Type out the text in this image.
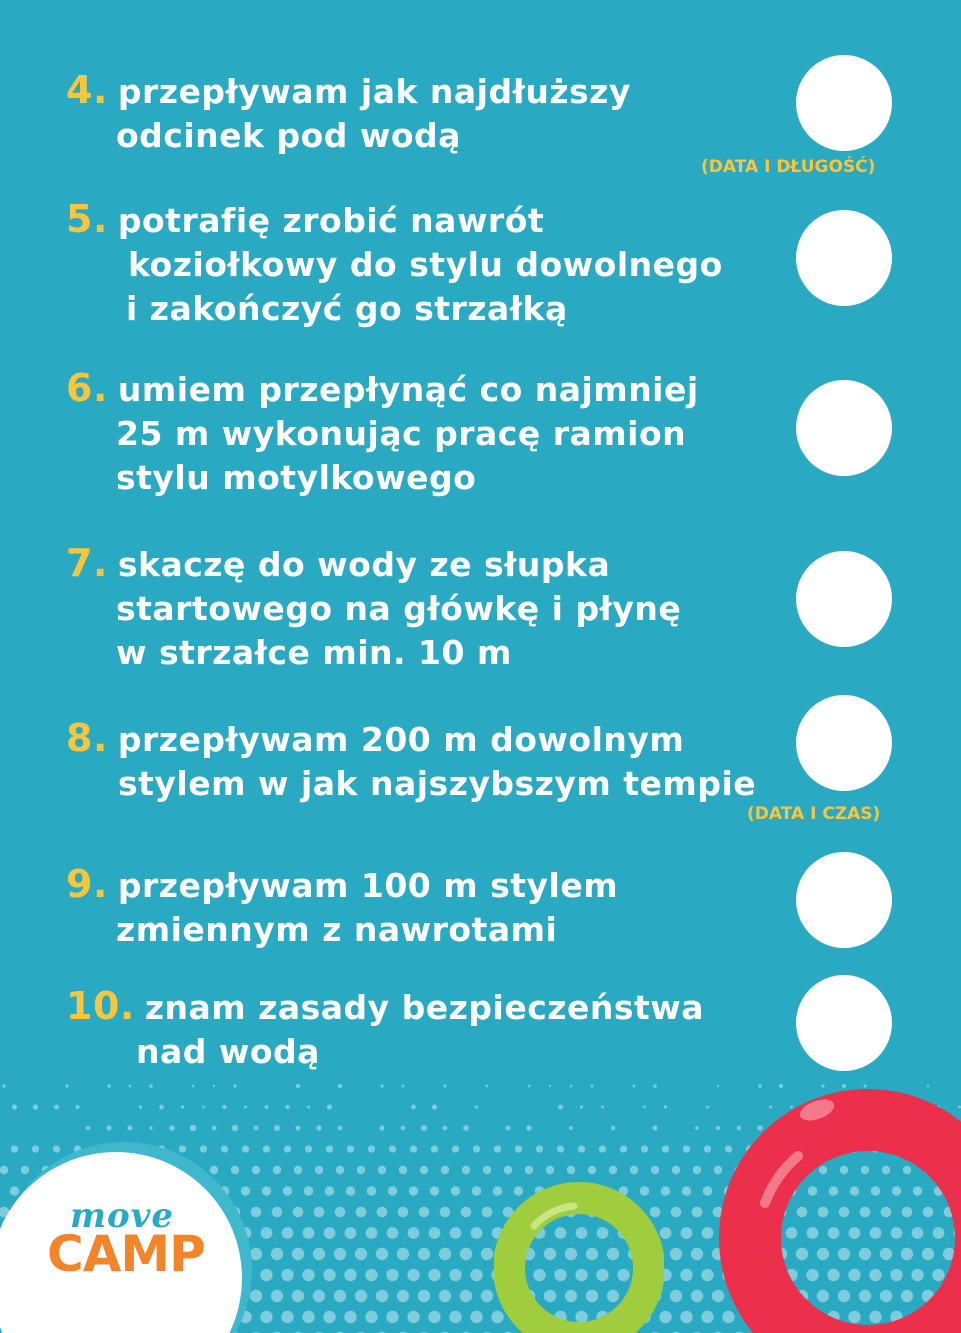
4. przepływam jak najdłuższy
odcinek pod wodą
(DATA I DŁUGOŚĆ)
5. potrafię zrobić nawrót
koziołkowy do stylu dowolnego
i zakończyć go strzałką
6. umiem przepłynąć co najmniej
25 m wykonując pracę ramion
stylu motylkowego
7. skaczę do wody ze słupka
startowego na główkę i płynę
w strzałce min. 10 m
8. przepływam 200 m dowolnym
stylem w jak najszybszym tempie
(DATA I CZAS)
9. przepływam 100 m stylem
zmiennym z nawrotami
10. znam zasady bezpieczeństwa
nad wodą
move
CAMP
